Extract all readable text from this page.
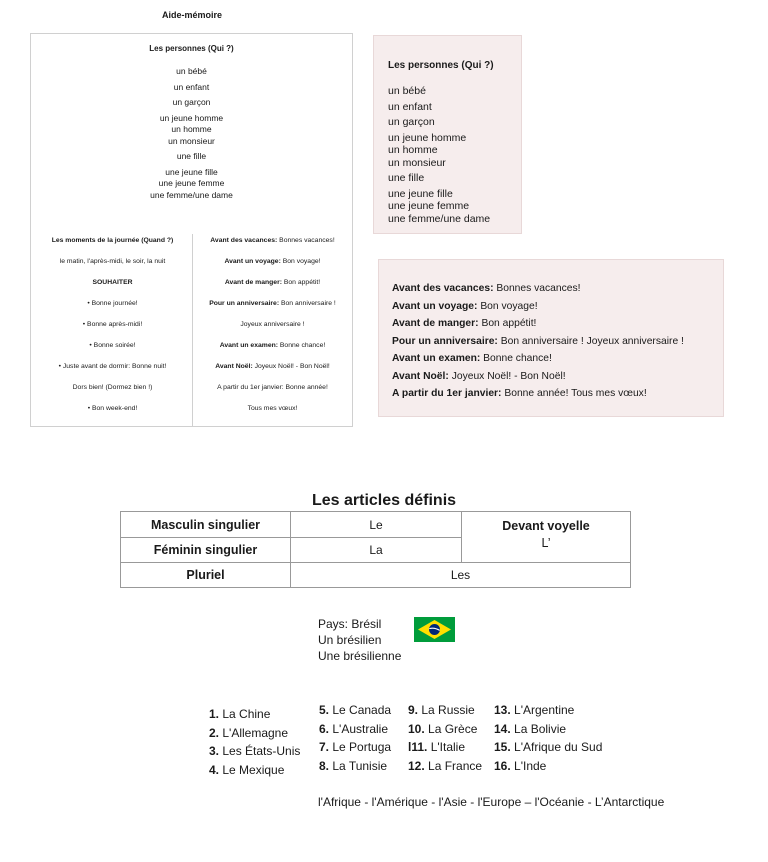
Aide-mémoire
Les personnes (Qui ?)
un bébé
un enfant
un garçon
un jeune homme
un homme
un monsieur
une fille
une jeune fille
une jeune femme
une femme/une dame
Les moments de la journée (Quand ?)
le matin, l'après-midi, le soir, la nuit
SOUHAITER
• Bonne journée!
• Bonne après-midi!
• Bonne soirée!
• Juste avant de dormir: Bonne nuit!
Dors bien! (Dormez bien !)
• Bon week-end!
Avant des vacances: Bonnes vacances!
Avant un voyage: Bon voyage!
Avant de manger: Bon appétit!
Pour un anniversaire: Bon anniversaire !
Joyeux anniversaire !
Avant un examen: Bonne chance!
Avant Noël: Joyeux Noël! - Bon Noël!
A partir du 1er janvier: Bonne année!
Tous mes vœux!
Les personnes (Qui ?)
un bébé
un enfant
un garçon
un jeune homme
un homme
un monsieur
une fille
une jeune fille
une jeune femme
une femme/une dame
Avant des vacances: Bonnes vacances!
Avant un voyage: Bon voyage!
Avant de manger: Bon appétit!
Pour un anniversaire: Bon anniversaire ! Joyeux anniversaire !
Avant un examen: Bonne chance!
Avant Noël: Joyeux Noël! - Bon Noël!
A partir du 1er janvier: Bonne année! Tous mes vœux!
Les articles définis
Masculin singulier	Le	Devant voyelle
L’

Féminin singulier	La	
Pluriel	Les	
Pays: Brésil
Un brésilien
Une brésilienne
1. La Chine
2. L'Allemagne
3. Les États-Unis
4. Le Mexique
5. Le Canada
6. L'Australie
7. Le Portuga
8. La Tunisie
9. La Russie
10. La Grèce
l11. L'Italie
12. La France
13. L'Argentine
14. La Bolivie
15. L'Afrique du Sud
16. L'Inde
l'Afrique - l'Amérique - l'Asie - l'Europe – l'Océanie - L’Antarctique
